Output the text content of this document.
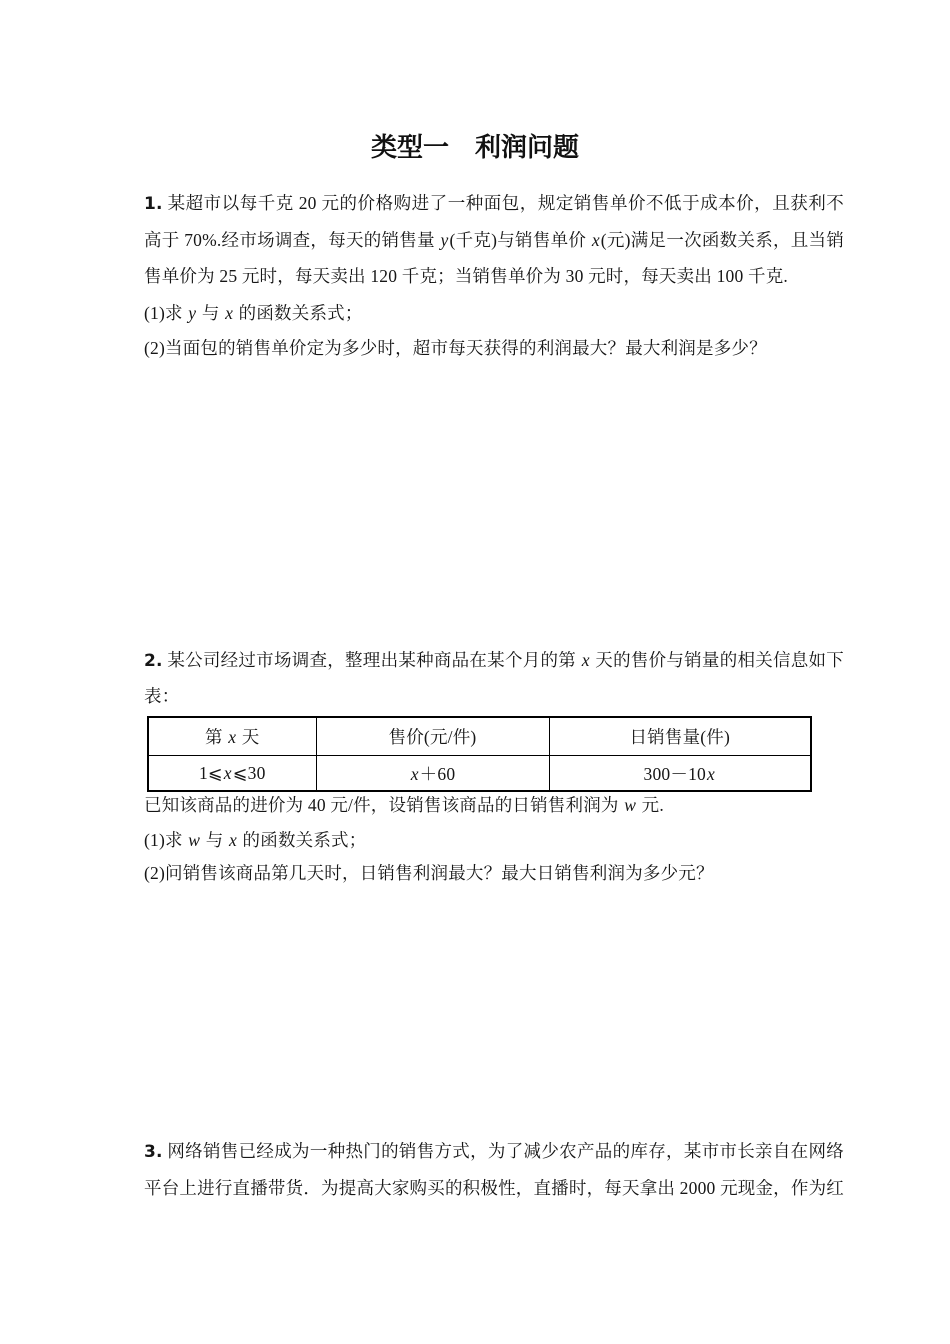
类型一　利润问题
1. 某超市以每千克 20 元的价格购进了一种面包，规定销售单价不低于成本价，且获利不
高于 70%.经市场调查，每天的销售量 y(千克)与销售单价 x(元)满足一次函数关系，且当销
售单价为 25 元时，每天卖出 120 千克；当销售单价为 30 元时，每天卖出 100 千克.
(1)求 y 与 x 的函数关系式；
(2)当面包的销售单价定为多少时，超市每天获得的利润最大？最大利润是多少？
2. 某公司经过市场调查，整理出某种商品在某个月的第 x 天的售价与销量的相关信息如下
表：
第 x 天	售价(元/件)	日销售量(件)
1⩽x⩽30	x＋60	300－10x
已知该商品的进价为 40 元/件，设销售该商品的日销售利润为 w 元.
(1)求 w 与 x 的函数关系式；
(2)问销售该商品第几天时，日销售利润最大？最大日销售利润为多少元？
3. 网络销售已经成为一种热门的销售方式，为了减少农产品的库存，某市市长亲自在网络
平台上进行直播带货．为提高大家购买的积极性，直播时，每天拿出 2000 元现金，作为红
